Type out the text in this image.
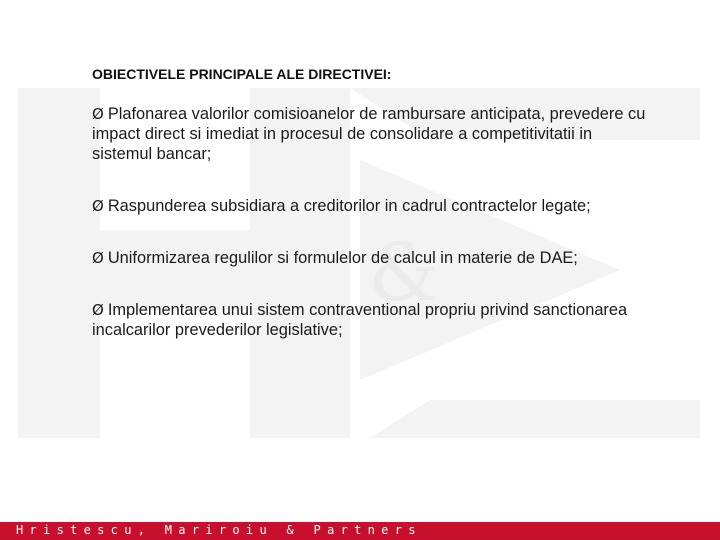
&
OBIECTIVELE PRINCIPALE ALE DIRECTIVEI:
Ø Plafonarea valorilor comisioanelor de rambursare anticipata, prevedere cu impact direct si imediat in procesul de consolidare a competitivitatii in sistemul bancar;
Ø Raspunderea subsidiara a creditorilor in cadrul contractelor legate;
Ø Uniformizarea regulilor si formulelor de calcul in materie de DAE;
Ø Implementarea unui sistem contraventional propriu privind sanctionarea incalcarilor prevederilor legislative;
Hristescu, Mariroiu & Partners
